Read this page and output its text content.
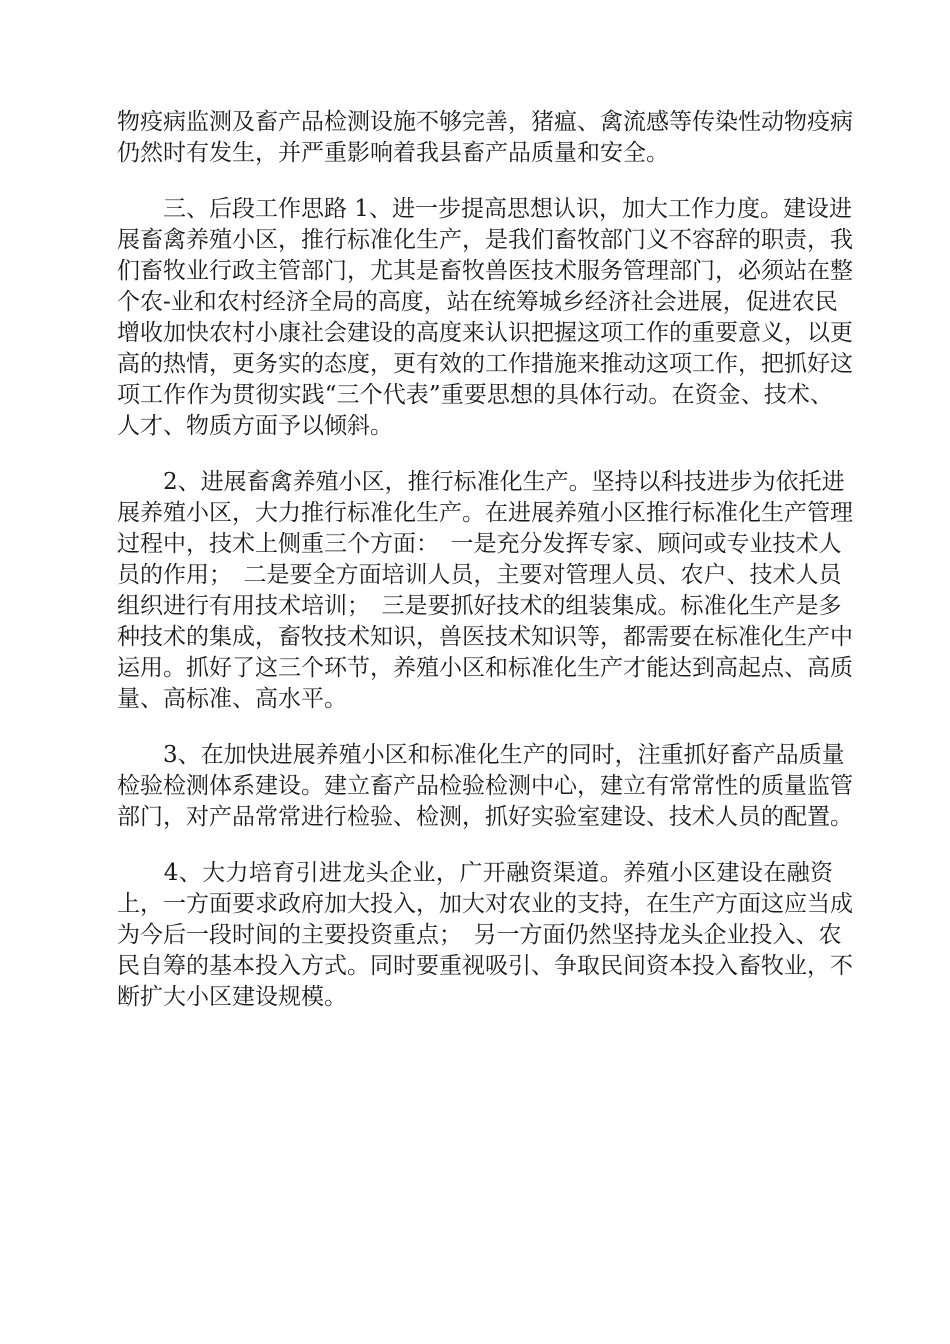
物疫病监测及畜产品检测设施不够完善，猪瘟、禽流感等传染性动物疫病
仍然时有发生，并严重影响着我县畜产品质量和安全。
　　三、后段工作思路 1、进一步提高思想认识，加大工作力度。建设进
展畜禽养殖小区，推行标准化生产，是我们畜牧部门义不容辞的职责，我
们畜牧业行政主管部门，尤其是畜牧兽医技术服务管理部门，必须站在整
个农-业和农村经济全局的高度，站在统筹城乡经济社会进展，促进农民
增收加快农村小康社会建设的高度来认识把握这项工作的重要意义，以更
高的热情，更务实的态度，更有效的工作措施来推动这项工作，把抓好这
项工作作为贯彻实践“三个代表”重要思想的具体行动。在资金、技术、
人才、物质方面予以倾斜。
　　2、进展畜禽养殖小区，推行标准化生产。坚持以科技进步为依托进
展养殖小区，大力推行标准化生产。在进展养殖小区推行标准化生产管理
过程中，技术上侧重三个方面：　一是充分发挥专家、顾问或专业技术人
员的作用；　二是要全方面培训人员，主要对管理人员、农户、技术人员
组织进行有用技术培训；　三是要抓好技术的组装集成。标准化生产是多
种技术的集成，畜牧技术知识，兽医技术知识等，都需要在标准化生产中
运用。抓好了这三个环节，养殖小区和标准化生产才能达到高起点、高质
量、高标准、高水平。
　　3、在加快进展养殖小区和标准化生产的同时，注重抓好畜产品质量
检验检测体系建设。建立畜产品检验检测中心，建立有常常性的质量监管
部门，对产品常常进行检验、检测，抓好实验室建设、技术人员的配置。
　　4、大力培育引进龙头企业，广开融资渠道。养殖小区建设在融资
上，一方面要求政府加大投入，加大对农业的支持，在生产方面这应当成
为今后一段时间的主要投资重点；　另一方面仍然坚持龙头企业投入、农
民自筹的基本投入方式。同时要重视吸引、争取民间资本投入畜牧业，不
断扩大小区建设规模。
